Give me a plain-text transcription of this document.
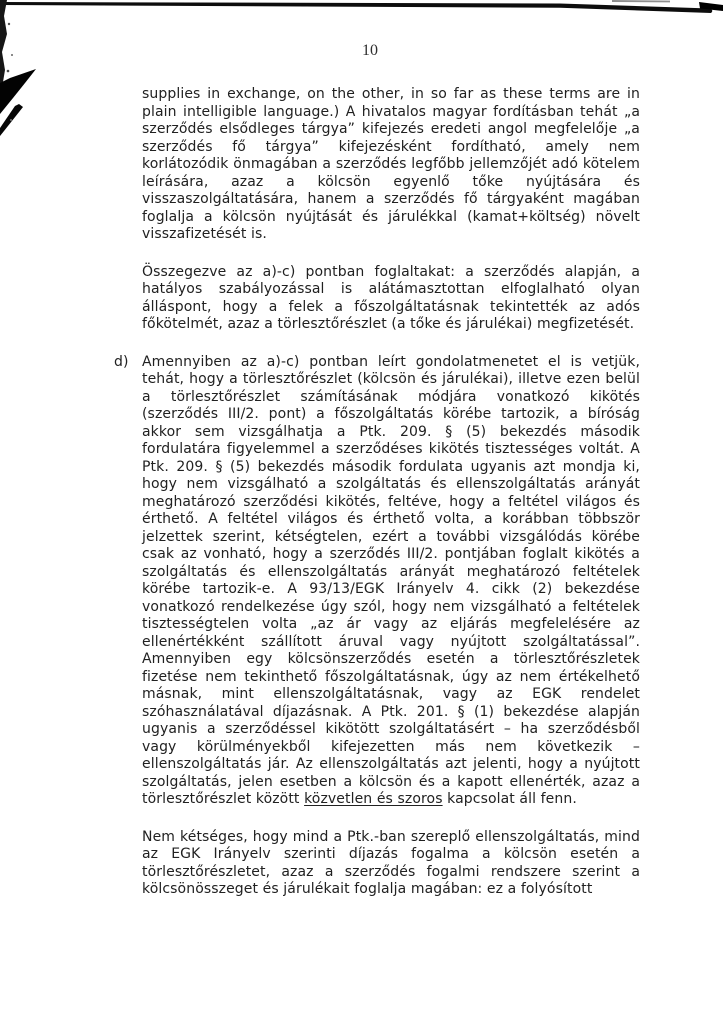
10

supplies in exchange, on the other, in so far as these terms are in plain intelligible language.) A hivatalos magyar fordításban tehát „a szerződés elsődleges tárgya” kifejezés eredeti angol megfelelője „a szerződés fő tárgya” kifejezésként fordítható, amely nem korlátozódik önmagában a szerződés legfőbb jellemzőjét adó kötelem leírására, azaz a kölcsön egyenlő tőke nyújtására és visszaszolgáltatására, hanem a szerződés fő tárgyaként magában foglalja a kölcsön nyújtását és járulékkal (kamat+költség) növelt visszafizetését is.

Összegezve az a)-c) pontban foglaltakat: a szerződés alapján, a hatályos szabályozással is alátámasztottan elfoglalható olyan álláspont, hogy a felek a főszolgáltatásnak tekintették az adós főkötelmét, azaz a törlesztőrészlet (a tőke és járulékai) megfizetését.

d) Amennyiben az a)-c) pontban leírt gondolatmenetet el is vetjük, tehát, hogy a törlesztőrészlet (kölcsön és járulékai), illetve ezen belül a törlesztőrészlet számításának módjára vonatkozó kikötés (szerződés III/2. pont) a főszolgáltatás körébe tartozik, a bíróság akkor sem vizsgálhatja a Ptk. 209. § (5) bekezdés második fordulatára figyelemmel a szerződéses kikötés tisztességes voltát. A Ptk. 209. § (5) bekezdés második fordulata ugyanis azt mondja ki, hogy nem vizsgálható a szolgáltatás és ellenszolgáltatás arányát meghatározó szerződési kikötés, feltéve, hogy a feltétel világos és érthető. A feltétel világos és érthető volta, a korábban többször jelzettek szerint, kétségtelen, ezért a további vizsgálódás körébe csak az vonható, hogy a szerződés III/2. pontjában foglalt kikötés a szolgáltatás és ellenszolgáltatás arányát meghatározó feltételek körébe tartozik-e. A 93/13/EGK Irányelv 4. cikk (2) bekezdése vonatkozó rendelkezése úgy szól, hogy nem vizsgálható a feltételek tisztességtelen volta „az ár vagy az eljárás megfelelésére az ellenértékként szállított áruval vagy nyújtott szolgáltatással”. Amennyiben egy kölcsönszerződés esetén a törlesztőrészletek fizetése nem tekinthető főszolgáltatásnak, úgy az nem értékelhető másnak, mint ellenszolgáltatásnak, vagy az EGK rendelet szóhasználatával díjazásnak. A Ptk. 201. § (1) bekezdése alapján ugyanis a szerződéssel kikötött szolgáltatásért – ha szerződésből vagy körülményekből kifejezetten más nem következik – ellenszolgáltatás jár. Az ellenszolgáltatás azt jelenti, hogy a nyújtott szolgáltatás, jelen esetben a kölcsön és a kapott ellenérték, azaz a törlesztőrészlet között közvetlen és szoros kapcsolat áll fenn.

Nem kétséges, hogy mind a Ptk.-ban szereplő ellenszolgáltatás, mind az EGK Irányelv szerinti díjazás fogalma a kölcsön esetén a törlesztőrészletet, azaz a szerződés fogalmi rendszere szerint a kölcsönösszeget és járulékait foglalja magában: ez a folyósított
